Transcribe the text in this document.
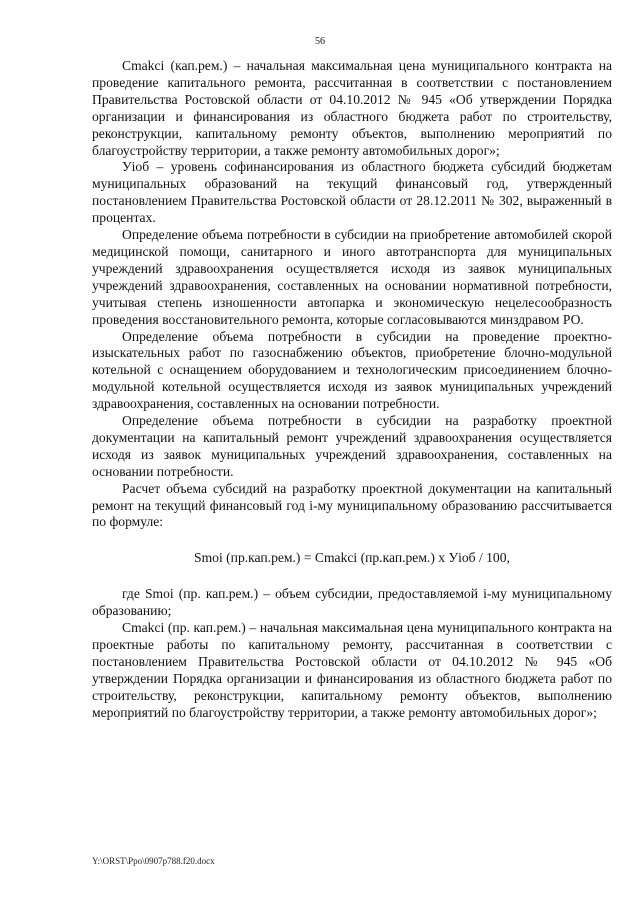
56

Cmakci (кап.рем.) – начальная максимальная цена муниципального контракта на проведение капитального ремонта, рассчитанная в соответствии с постановлением Правительства Ростовской области от 04.10.2012 № 945 «Об утверждении Порядка организации и финансирования из областного бюджета работ по строительству, реконструкции, капитальному ремонту объектов, выполнению мероприятий по благоустройству территории, а также ремонту автомобильных дорог»;

Уioб – уровень софинансирования из областного бюджета субсидий бюджетам муниципальных образований на текущий финансовый год, утвержденный постановлением Правительства Ростовской области от 28.12.2011 № 302, выраженный в процентах.

Определение объема потребности в субсидии на приобретение автомобилей скорой медицинской помощи, санитарного и иного автотранспорта для муниципальных учреждений здравоохранения осуществляется исходя из заявок муниципальных учреждений здравоохранения, составленных на основании нормативной потребности, учитывая степень изношенности автопарка и экономическую нецелесообразность проведения восстановительного ремонта, которые согласовываются минздравом РО.

Определение объема потребности в субсидии на проведение проектно-изыскательных работ по газоснабжению объектов, приобретение блочно-модульной котельной с оснащением оборудованием и технологическим присоединением блочно-модульной котельной осуществляется исходя из заявок муниципальных учреждений здравоохранения, составленных на основании потребности.

Определение объема потребности в субсидии на разработку проектной документации на капитальный ремонт учреждений здравоохранения осуществляется исходя из заявок муниципальных учреждений здравоохранения, составленных на основании потребности.

Расчет объема субсидий на разработку проектной документации на капитальный ремонт на текущий финансовый год i-му муниципальному образованию рассчитывается по формуле:

Smoi (пр.кап.рем.) = Cmakci (пр.кап.рем.) x Уioб / 100,

где Smoi (пр. кап.рем.) – объем субсидии, предоставляемой i-му муниципальному образованию;

Cmakci (пр. кап.рем.) – начальная максимальная цена муниципального контракта на проектные работы по капитальному ремонту, рассчитанная в соответствии с постановлением Правительства Ростовской области от 04.10.2012 № 945 «Об утверждении Порядка организации и финансирования из областного бюджета работ по строительству, реконструкции, капитальному ремонту объектов, выполнению мероприятий по благоустройству территории, а также ремонту автомобильных дорог»;

Y:\ORST\Ppo\0907p788.f20.docx
